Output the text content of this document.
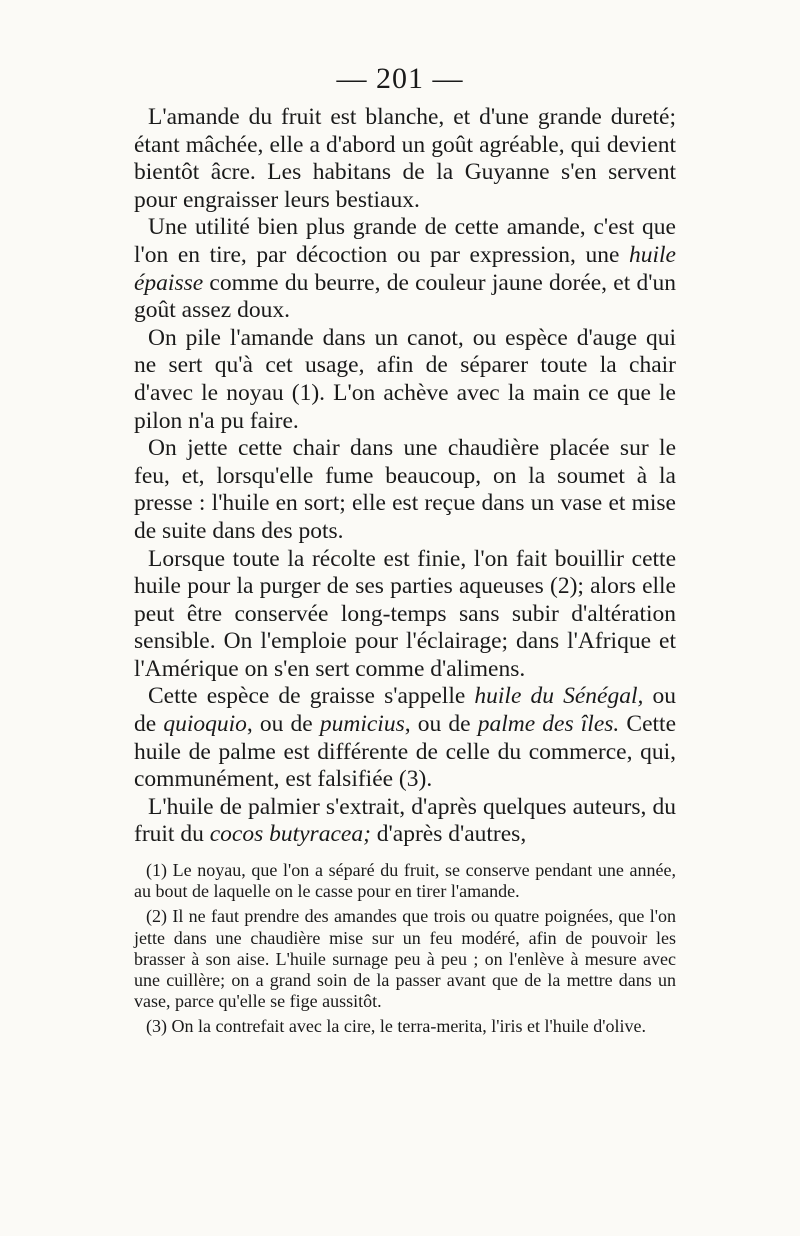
— 201 —

L'amande du fruit est blanche, et d'une grande dureté; étant mâchée, elle a d'abord un goût agréable, qui devient bientôt âcre. Les habitans de la Guyanne s'en servent pour engraisser leurs bestiaux.

Une utilité bien plus grande de cette amande, c'est que l'on en tire, par décoction ou par expression, une huile épaisse comme du beurre, de couleur jaune dorée, et d'un goût assez doux.

On pile l'amande dans un canot, ou espèce d'auge qui ne sert qu'à cet usage, afin de séparer toute la chair d'avec le noyau (1). L'on achève avec la main ce que le pilon n'a pu faire.

On jette cette chair dans une chaudière placée sur le feu, et, lorsqu'elle fume beaucoup, on la soumet à la presse : l'huile en sort; elle est reçue dans un vase et mise de suite dans des pots.

Lorsque toute la récolte est finie, l'on fait bouillir cette huile pour la purger de ses parties aqueuses (2); alors elle peut être conservée long-temps sans subir d'altération sensible. On l'emploie pour l'éclairage; dans l'Afrique et l'Amérique on s'en sert comme d'alimens.

Cette espèce de graisse s'appelle huile du Sénégal, ou de quioquio, ou de pumicius, ou de palme des îles. Cette huile de palme est différente de celle du commerce, qui, communément, est falsifiée (3).

L'huile de palmier s'extrait, d'après quelques auteurs, du fruit du cocos butyracea; d'après d'autres,

(1) Le noyau, que l'on a séparé du fruit, se conserve pendant une année, au bout de laquelle on le casse pour en tirer l'amande.

(2) Il ne faut prendre des amandes que trois ou quatre poignées, que l'on jette dans une chaudière mise sur un feu modéré, afin de pouvoir les brasser à son aise. L'huile surnage peu à peu ; on l'enlève à mesure avec une cuillère; on a grand soin de la passer avant que de la mettre dans un vase, parce qu'elle se fige aussitôt.

(3) On la contrefait avec la cire, le terra-merita, l'iris et l'huile d'olive.
